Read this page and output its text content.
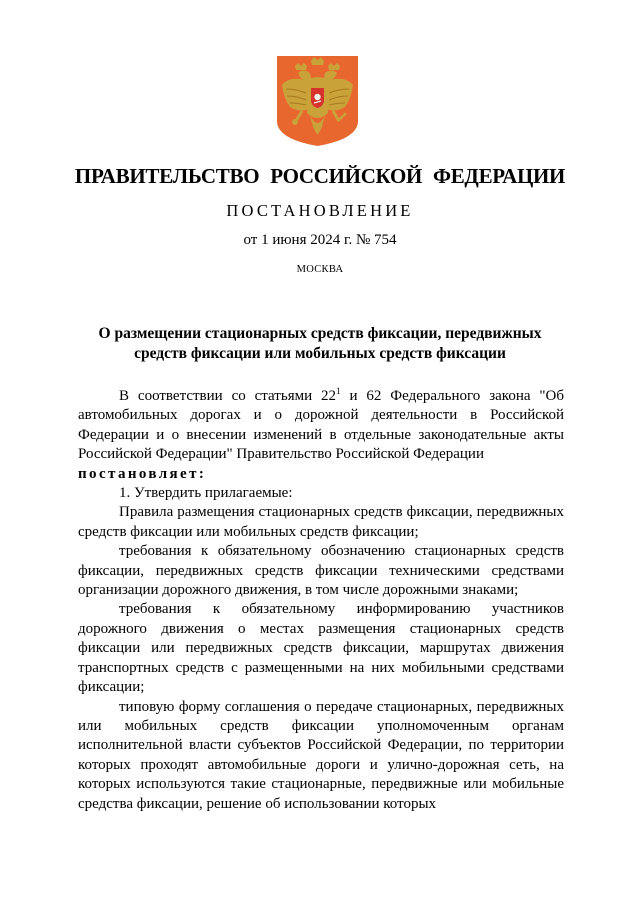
ПРАВИТЕЛЬСТВО РОССИЙСКОЙ ФЕДЕРАЦИИ
ПОСТАНОВЛЕНИЕ
от 1 июня 2024 г. № 754
МОСКВА
О размещении стационарных средств фиксации, передвижных
средств фиксации или мобильных средств фиксации

В соответствии со статьями $22^1$ и 62 Федерального закона "Об автомобильных дорогах и о дорожной деятельности в Российской Федерации и о внесении изменений в отдельные законодательные акты Российской Федерации" Правительство Российской Федерации

постановляет:

1. Утвердить прилагаемые:

Правила размещения стационарных средств фиксации, передвижных средств фиксации или мобильных средств фиксации;

требования к обязательному обозначению стационарных средств фиксации, передвижных средств фиксации техническими средствами организации дорожного движения, в том числе дорожными знаками;

требования к обязательному информированию участников дорожного движения о местах размещения стационарных средств фиксации или передвижных средств фиксации, маршрутах движения транспортных средств с размещенными на них мобильными средствами фиксации;

типовую форму соглашения о передаче стационарных, передвижных или мобильных средств фиксации уполномоченным органам исполнительной власти субъектов Российской Федерации, по территории которых проходят автомобильные дороги и улично-дорожная сеть, на которых используются такие стационарные, передвижные или мобильные средства фиксации, решение об использовании которых
